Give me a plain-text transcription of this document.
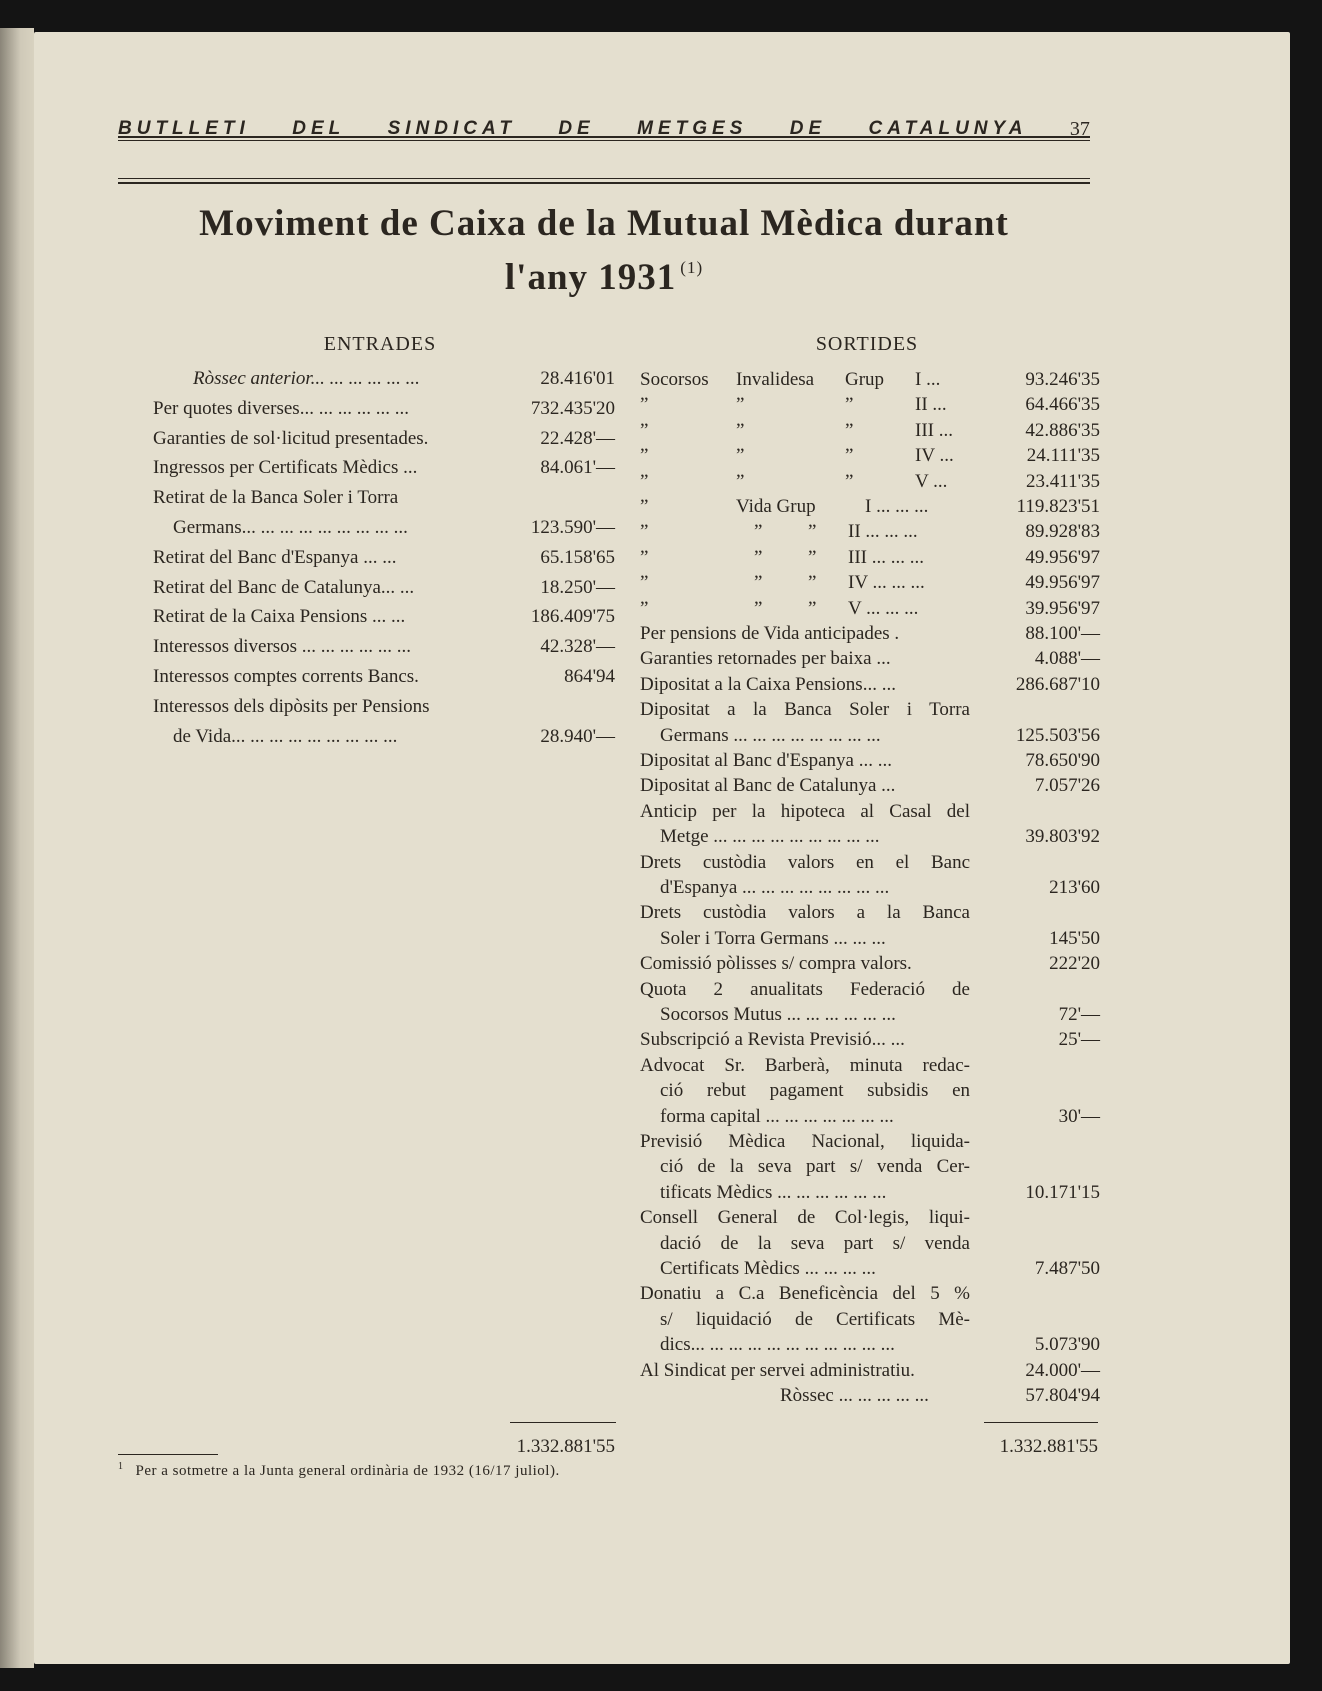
BUTLLETI DEL SINDICAT DE METGES DE CATALUNYA 37
Moviment de Caixa de la Mutual Mèdica durant
l'any 1931 $^{(1)}$
ENTRADES	SORTIDES
Ròssec anterior... ... ... ... ... ...	28.416'01
Per quotes diverses... ... ... ... ... ...	732.435'20
Garanties de sol·licitud presentades.	22.428'—
Ingressos per Certificats Mèdics ...	84.061'—
Retirat de la Banca Soler i Torra
Germans... ... ... ... ... ... ... ... ...	123.590'—
Retirat del Banc d'Espanya ... ...	65.158'65
Retirat del Banc de Catalunya... ...	18.250'—
Retirat de la Caixa Pensions ... ...	186.409'75
Interessos diversos ... ... ... ... ... ...	42.328'—
Interessos comptes corrents Bancs.	864'94
Interessos dels dipòsits per Pensions
de Vida... ... ... ... ... ... ... ... ...	28.940'—
Socorsos Invalidesa Grup I ...	93.246'35
”	”	”	II ...	64.466'35
”	”	”	III ...	42.886'35
”	”	”	IV ...	24.111'35
”	”	”	V ...	23.411'35
”	Vida Grup	I ... ... ...	119.823'51
”	” ” II ... ... ...	89.928'83
”	” ” III ... ... ...	49.956'97
”	” ” IV ... ... ...	49.956'97
”	” ” V ... ... ...	39.956'97
Per pensions de Vida anticipades .	88.100'—
Garanties retornades per baixa ...	4.088'—
Dipositat a la Caixa Pensions... ...	286.687'10
Dipositat a la Banca Soler i Torra
Germans ... ... ... ... ... ... ... ...	125.503'56
Dipositat al Banc d'Espanya ... ...	78.650'90
Dipositat al Banc de Catalunya ...	7.057'26
Anticip per la hipoteca al Casal del
Metge ... ... ... ... ... ... ... ... ...	39.803'92
Drets custòdia valors en el Banc
d'Espanya ... ... ... ... ... ... ... ...	213'60
Drets custòdia valors a la Banca
Soler i Torra Germans ... ... ...	145'50
Comissió pòlisses s/ compra valors.	222'20
Quota 2 anualitats Federació de
Socorsos Mutus ... ... ... ... ... ...	72'—
Subscripció a Revista Previsió... ...	25'—
Advocat Sr. Barberà, minuta redac-
ció rebut pagament subsidis en
forma capital ... ... ... ... ... ... ...	30'—
Previsió Mèdica Nacional, liquida-
ció de la seva part s/ venda Cer-
tificats Mèdics ... ... ... ... ... ...	10.171'15
Consell General de Col·legis, liqui-
dació de la seva part s/ venda
Certificats Mèdics ... ... ... ...	7.487'50
Donatiu a C.a Beneficència del 5 %
s/ liquidació de Certificats Mè-
dics... ... ... ... ... ... ... ... ... ... ...	5.073'90
Al Sindicat per servei administratiu.	24.000'—
Ròssec ... ... ... ... ...	57.804'94
1.332.881'55	1.332.881'55
$^1$ Per a sotmetre a la Junta general ordinària de 1932 (16/17 juliol).
